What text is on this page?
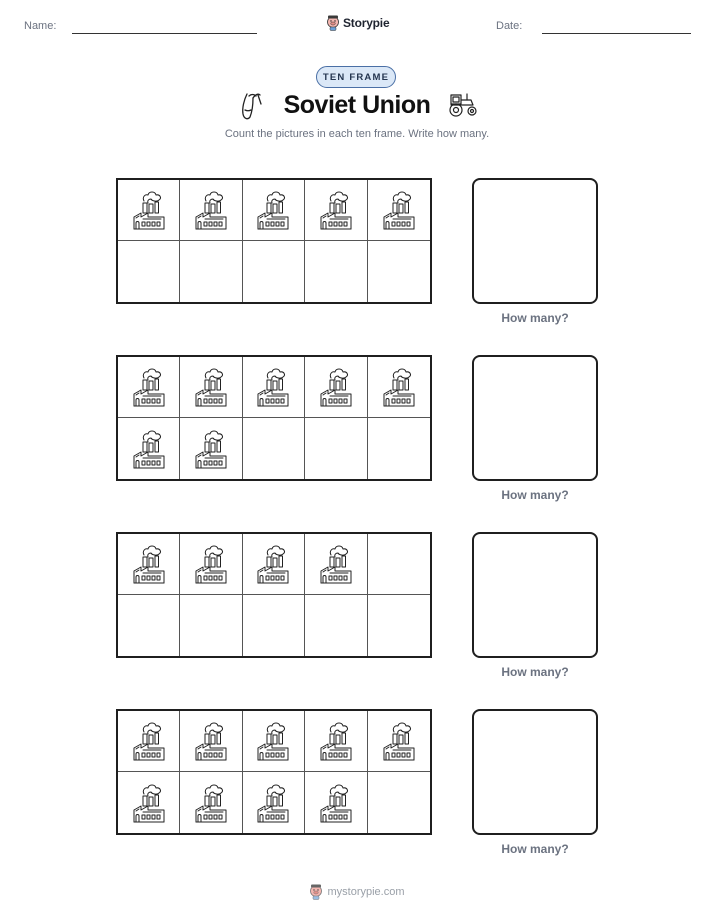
Name:	Storypie	Date:
TEN FRAME
Soviet Union
Count the pictures in each ten frame. Write how many.
How many?
How many?
How many?
How many?
mystorypie.com
